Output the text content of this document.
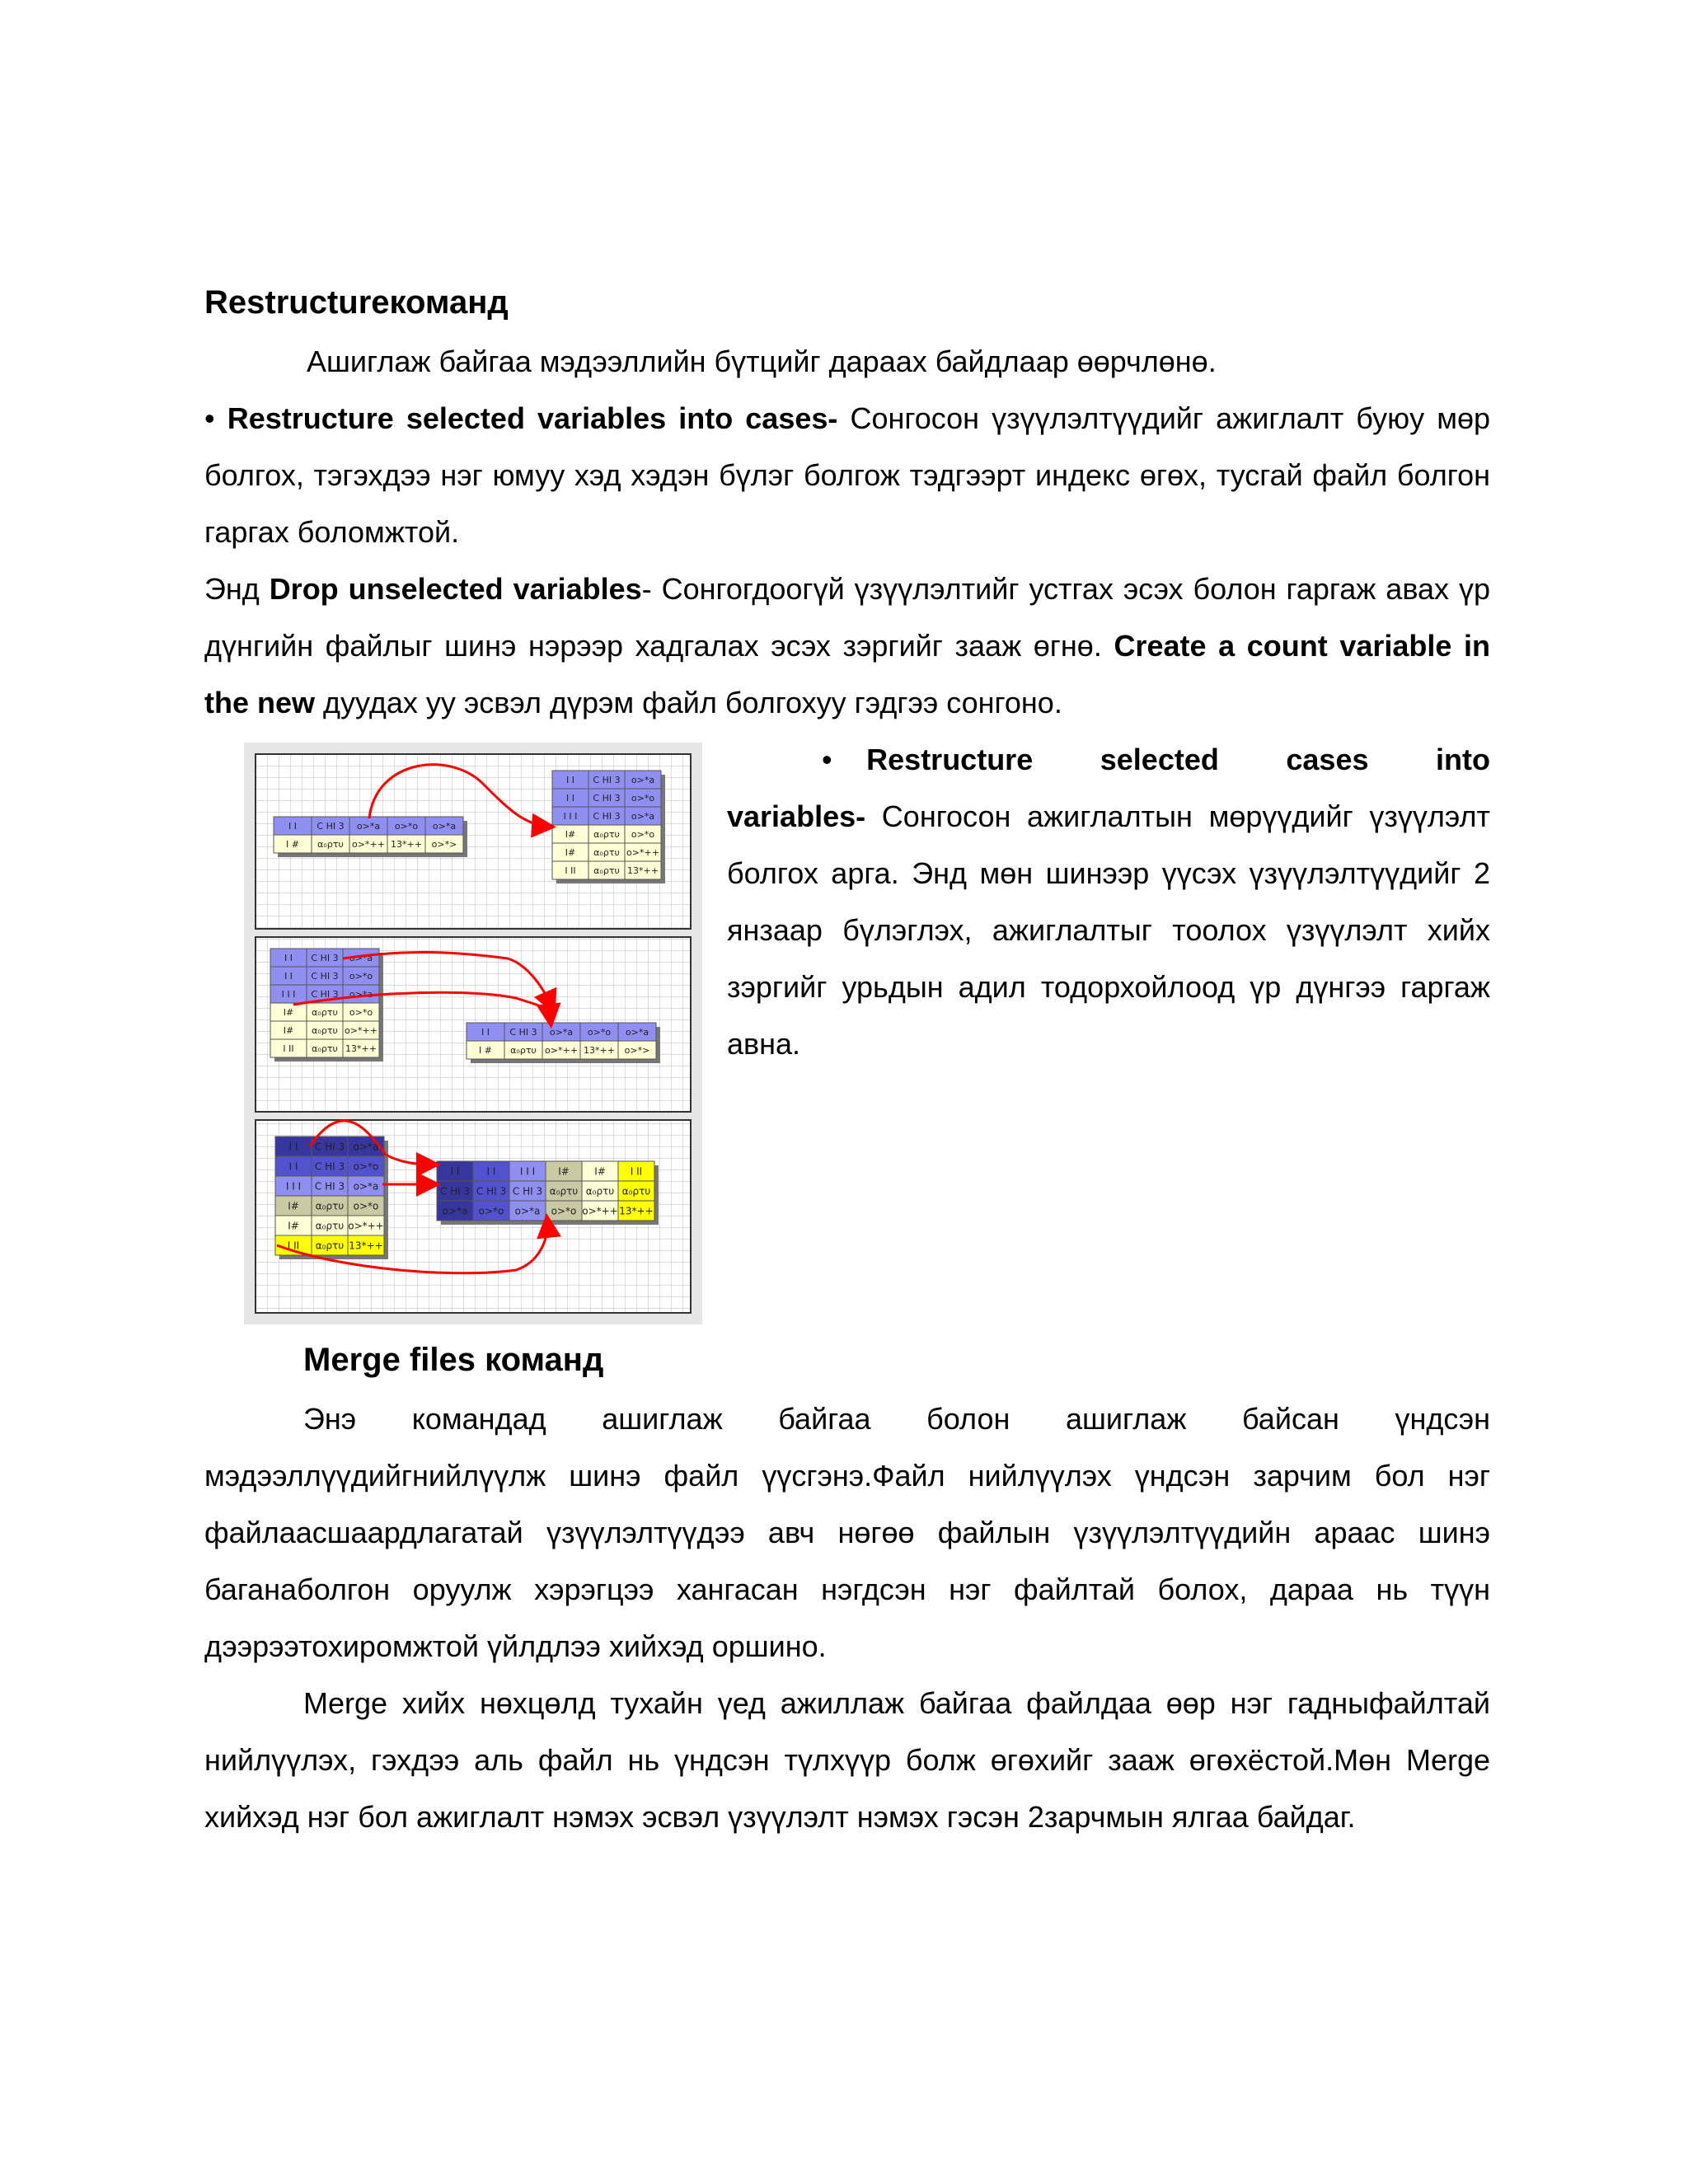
Restructureкоманд

Ашиглаж байгаа мэдээллийн бүтцийг дараах байдлаар өөрчлөнө.

• Restructure selected variables into cases- Сонгосон үзүүлэлтүүдийг ажиглалт буюу мөр болгох, тэгэхдээ нэг юмуу хэд хэдэн бүлэг болгож тэдгээрт индекс өгөх, тусгай файл болгон гаргах боломжтой.

Энд Drop unselected variables- Сонгогдоогүй үзүүлэлтийг устгах эсэх болон гаргаж авах үр дүнгийн файлыг шинэ нэрээр хадгалах эсэх зэргийг зааж өгнө. Create a count variable in the new дуудах уу эсвэл дүрэм файл болгохуу гэдгээ сонгоно.

I I C HI 3 o>*a o>*o o>*a
I # α₀ρτυ o>*++ 13*++ o>*>
I I C HI 3 o>*a
I I C HI 3 o>*o
I I I C HI 3 o>*a
I# α₀ρτυ o>*o
I# α₀ρτυ o>*++
I II α₀ρτυ 13*++
I I C HI 3 o>*a
I I C HI 3 o>*o
I I I C HI 3 o>*a
I# α₀ρτυ o>*o
I# α₀ρτυ o>*++
I II α₀ρτυ 13*++
I I C HI 3 o>*a o>*o o>*a
I # α₀ρτυ o>*++ 13*++ o>*>
I I C HI 3 o>*a
I I C HI 3 o>*o
I I I C HI 3 o>*a
I# α₀ρτυ o>*o
I# α₀ρτυ o>*++
I II α₀ρτυ 13*++
I I	I I I I I I#	I# I II
C HI 3 C HI 3 C HI 3 α₀ρτυ α₀ρτυ α₀ρτυ
o>*a o>*o o>*a o>*o o>*++ 13*++

• Restructure selected cases into variables- Сонгосон ажиглалтын мөрүүдийг үзүүлэлт болгох арга. Энд мөн шинээр үүсэх үзүүлэлтүүдийг 2 янзаар бүлэглэх, ажиглалтыг тоолох үзүүлэлт хийх зэргийг урьдын адил тодорхойлоод үр дүнгээ гаргаж авна.

Merge files команд

Энэ командад ашиглаж байгаа болон ашиглаж байсан үндсэн мэдээллүүдийгнийлүүлж шинэ файл үүсгэнэ.Файл нийлүүлэх үндсэн зарчим бол нэг файлаасшаардлагатай үзүүлэлтүүдээ авч нөгөө файлын үзүүлэлтүүдийн араас шинэ баганаболгон оруулж хэрэгцээ хангасан нэгдсэн нэг файлтай болох, дараа нь түүн дээрээтохиромжтой үйлдлээ хийхэд оршино.

Merge хийх нөхцөлд тухайн үед ажиллаж байгаа файлдаа өөр нэг гадныфайлтай нийлүүлэх, гэхдээ аль файл нь үндсэн түлхүүр болж өгөхийг зааж өгөхёстой.Мөн Merge хийхэд нэг бол ажиглалт нэмэх эсвэл үзүүлэлт нэмэх гэсэн 2зарчмын ялгаа байдаг.
